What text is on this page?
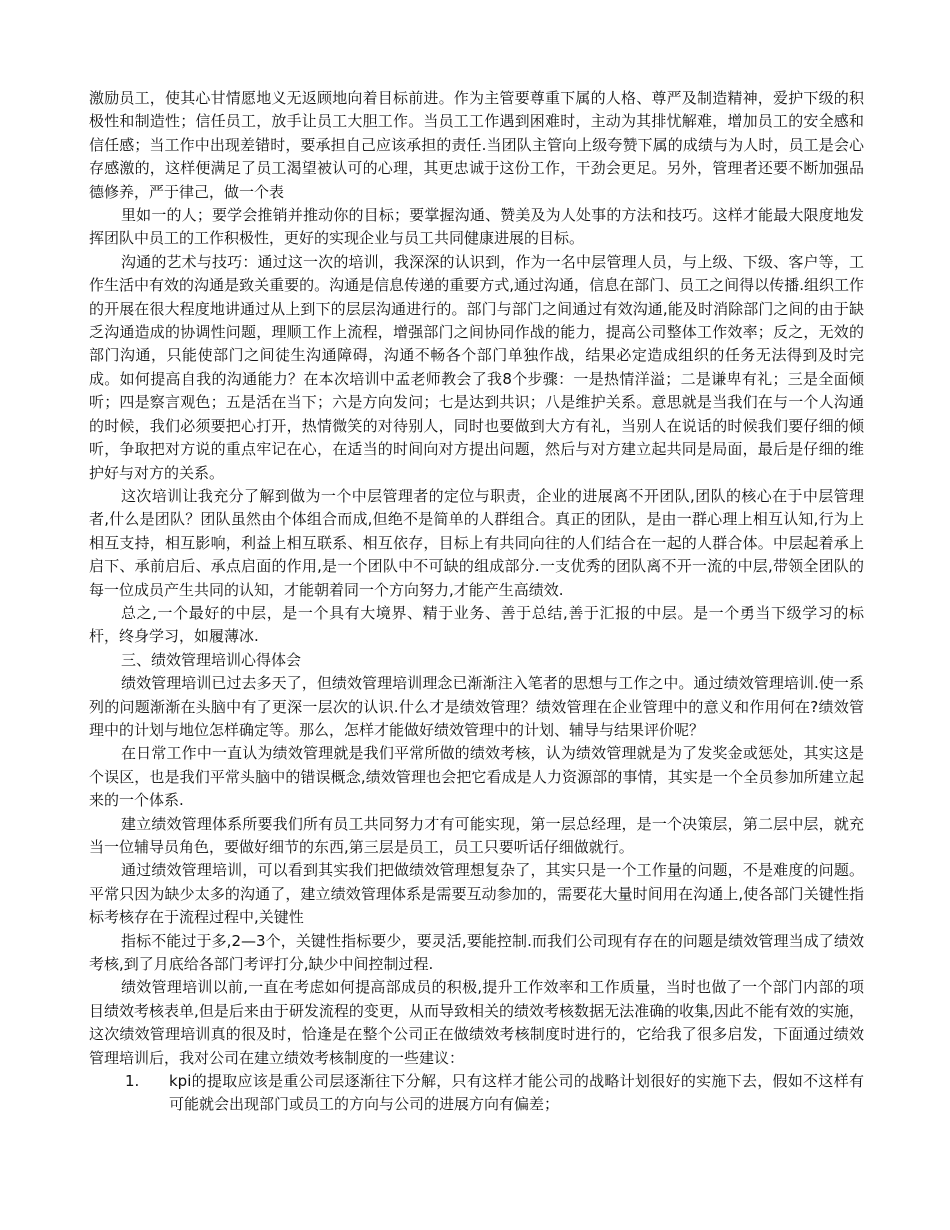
激励员工，使其心甘情愿地义无返顾地向着目标前进。作为主管要尊重下属的人格、尊严及制造精神，爱护下级的积极性和制造性；信任员工，放手让员工大胆工作。当员工工作遇到困难时，主动为其排忧解难，增加员工的安全感和信任感；当工作中出现差错时，要承担自己应该承担的责任.当团队主管向上级夸赞下属的成绩与为人时，员工是会心存感激的，这样便满足了员工渴望被认可的心理，其更忠诚于这份工作，干劲会更足。另外，管理者还要不断加强品德修养，严于律己，做一个表

里如一的人；要学会推销并推动你的目标；要掌握沟通、赞美及为人处事的方法和技巧。这样才能最大限度地发挥团队中员工的工作积极性，更好的实现企业与员工共同健康进展的目标。

沟通的艺术与技巧：通过这一次的培训，我深深的认识到，作为一名中层管理人员，与上级、下级、客户等，工作生活中有效的沟通是致关重要的。沟通是信息传递的重要方式,通过沟通，信息在部门、员工之间得以传播.组织工作的开展在很大程度地讲通过从上到下的层层沟通进行的。部门与部门之间通过有效沟通,能及时消除部门之间的由于缺乏沟通造成的协调性问题，理顺工作上流程，增强部门之间协同作战的能力，提高公司整体工作效率；反之，无效的部门沟通，只能使部门之间徒生沟通障碍，沟通不畅各个部门单独作战，结果必定造成组织的任务无法得到及时完成。如何提高自我的沟通能力？在本次培训中孟老师教会了我8个步骤：一是热情洋溢；二是谦卑有礼；三是全面倾听；四是察言观色；五是活在当下；六是方向发问；七是达到共识；八是维护关系。意思就是当我们在与一个人沟通的时候，我们必须要把心打开，热情微笑的对待别人，同时也要做到大方有礼，当别人在说话的时候我们要仔细的倾听，争取把对方说的重点牢记在心，在适当的时间向对方提出问题，然后与对方建立起共同是局面，最后是仔细的维护好与对方的关系。

这次培训让我充分了解到做为一个中层管理者的定位与职责，企业的进展离不开团队,团队的核心在于中层管理者,什么是团队？团队虽然由个体组合而成,但绝不是简单的人群组合。真正的团队，是由一群心理上相互认知,行为上相互支持，相互影响，利益上相互联系、相互依存，目标上有共同向往的人们结合在一起的人群合体。中层起着承上启下、承前启后、承点启面的作用,是一个团队中不可缺的组成部分.一支优秀的团队离不开一流的中层,带领全团队的每一位成员产生共同的认知，才能朝着同一个方向努力,才能产生高绩效.

总之,一个最好的中层，是一个具有大境界、精于业务、善于总结,善于汇报的中层。是一个勇当下级学习的标杆，终身学习，如履薄冰.

三、绩效管理培训心得体会

绩效管理培训已过去多天了，但绩效管理培训理念已渐渐注入笔者的思想与工作之中。通过绩效管理培训.使一系列的问题渐渐在头脑中有了更深一层次的认识.什么才是绩效管理？绩效管理在企业管理中的意义和作用何在?绩效管理中的计划与地位怎样确定等。那么，怎样才能做好绩效管理中的计划、辅导与结果评价呢？

在日常工作中一直认为绩效管理就是我们平常所做的绩效考核，认为绩效管理就是为了发奖金或惩处，其实这是个误区，也是我们平常头脑中的错误概念,绩效管理也会把它看成是人力资源部的事情，其实是一个全员参加所建立起来的一个体系.

建立绩效管理体系所要我们所有员工共同努力才有可能实现，第一层总经理，是一个决策层，第二层中层，就充当一位辅导员角色，要做好细节的东西,第三层是员工，员工只要听话仔细做就行。

通过绩效管理培训，可以看到其实我们把做绩效管理想复杂了，其实只是一个工作量的问题，不是难度的问题。平常只因为缺少太多的沟通了，建立绩效管理体系是需要互动参加的，需要花大量时间用在沟通上,使各部门关键性指标考核存在于流程过程中,关键性

指标不能过于多,2—3个，关键性指标要少，要灵活,要能控制.而我们公司现有存在的问题是绩效管理当成了绩效考核,到了月底给各部门考评打分,缺少中间控制过程.

绩效管理培训以前,一直在考虑如何提高部成员的积极,提升工作效率和工作质量，当时也做了一个部门内部的项目绩效考核表单,但是后来由于研发流程的变更，从而导致相关的绩效考核数据无法准确的收集,因此不能有效的实施，这次绩效管理培训真的很及时，恰逢是在整个公司正在做绩效考核制度时进行的，它给我了很多启发，下面通过绩效管理培训后，我对公司在建立绩效考核制度的一些建议：

1. kpi的提取应该是重公司层逐渐往下分解，只有这样才能公司的战略计划很好的实施下去，假如不这样有可能就会出现部门或员工的方向与公司的进展方向有偏差；
